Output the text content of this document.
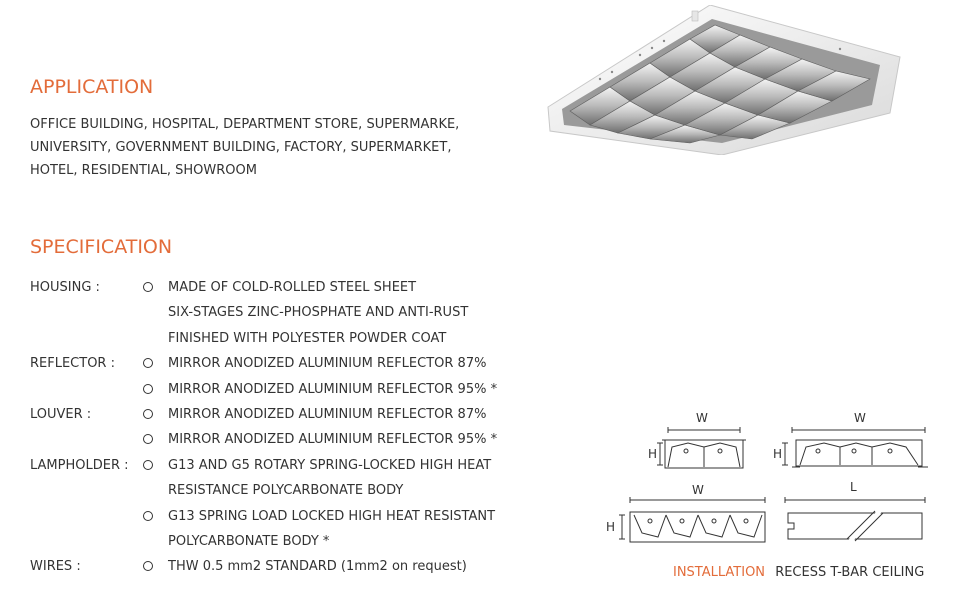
APPLICATION
OFFICE BUILDING, HOSPITAL, DEPARTMENT STORE, SUPERMARKE,
UNIVERSITY, GOVERNMENT BUILDING, FACTORY, SUPERMARKET,
HOTEL, RESIDENTIAL, SHOWROOM
SPECIFICATION
HOUSING :	MADE OF COLD-ROLLED STEEL SHEET
SIX-STAGES ZINC-PHOSPHATE AND ANTI-RUST
FINISHED WITH POLYESTER POWDER COAT
REFLECTOR :	MIRROR ANODIZED ALUMINIUM REFLECTOR 87%
MIRROR ANODIZED ALUMINIUM REFLECTOR 95% *
LOUVER :	MIRROR ANODIZED ALUMINIUM REFLECTOR 87%
MIRROR ANODIZED ALUMINIUM REFLECTOR 95% *
LAMPHOLDER :	G13 AND G5 ROTARY SPRING-LOCKED HIGH HEAT
RESISTANCE POLYCARBONATE BODY
G13 SPRING LOAD LOCKED HIGH HEAT RESISTANT
POLYCARBONATE BODY *
WIRES :	THW 0.5 mm2 STANDARD (1mm2 on request)
W
H
W
H
W
H
L
INSTALLATION RECESS T-BAR CEILING
